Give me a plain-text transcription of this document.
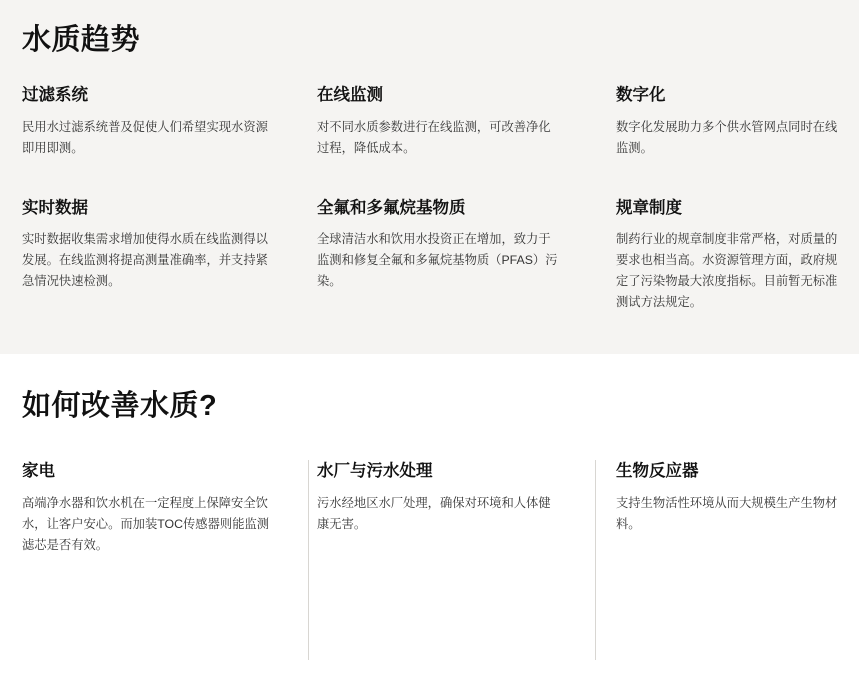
水质趋势
过滤系统

民用水过滤系统普及促使人们希望实现水资源即用即测。

在线监测

对不同水质参数进行在线监测，可改善净化过程，降低成本。

数字化

数字化发展助力多个供水管网点同时在线监测。

实时数据

实时数据收集需求增加使得水质在线监测得以发展。在线监测将提高测量准确率，并支持紧急情况快速检测。

全氟和多氟烷基物质

全球清洁水和饮用水投资正在增加，致力于监测和修复全氟和多氟烷基物质（PFAS）污染。

规章制度

制药行业的规章制度非常严格，对质量的要求也相当高。水资源管理方面，政府规定了污染物最大浓度指标。目前暂无标准测试方法规定。

如何改善水质?
家电

高端净水器和饮水机在一定程度上保障安全饮水，让客户安心。而加装TOC传感器则能监测滤芯是否有效。

水厂与污水处理

污水经地区水厂处理，确保对环境和人体健康无害。

生物反应器

支持生物活性环境从而大规模生产生物材料。
